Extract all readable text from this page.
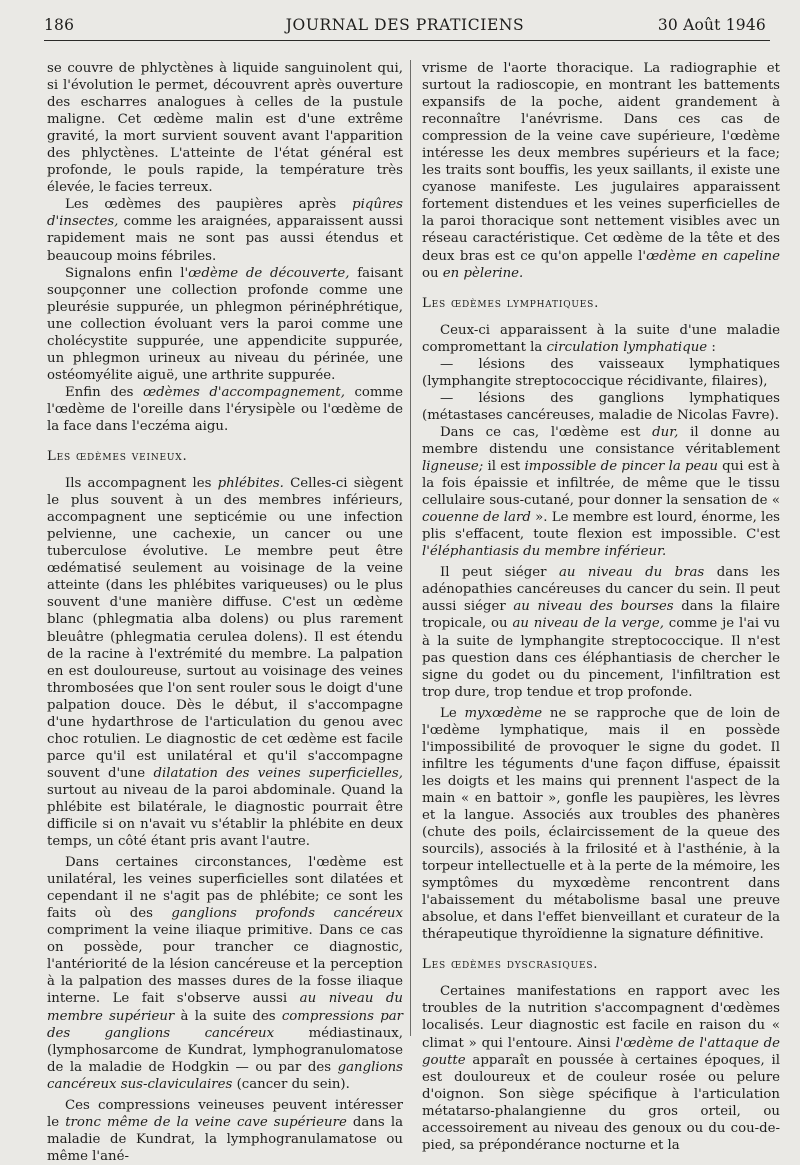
186	JOURNAL DES PRATICIENS	30 Août 1946

se couvre de phlyctènes à liquide sanguinolent qui, si l'évolution le permet, découvrent après ouverture des escharres analogues à celles de la pustule maligne. Cet œdème malin est d'une extrême gravité, la mort survient souvent avant l'apparition des phlyctènes. L'atteinte de l'état général est profonde, le pouls rapide, la température très élevée, le facies terreux.

Les œdèmes des paupières après piqûres d'insectes, comme les araignées, apparaissent aussi rapidement mais ne sont pas aussi étendus et beaucoup moins fébriles.

Signalons enfin l'œdème de découverte, faisant soupçonner une collection profonde comme une pleurésie suppurée, un phlegmon périnéphrétique, une collection évoluant vers la paroi comme une cholécystite suppurée, une appendicite suppurée, un phlegmon urineux au niveau du périnée, une ostéomyélite aiguë, une arthrite suppurée.

Enfin des œdèmes d'accompagnement, comme l'œdème de l'oreille dans l'érysipèle ou l'œdème de la face dans l'eczéma aigu.

Les œdèmes veineux.

Ils accompagnent les phlébites. Celles-ci siègent le plus souvent à un des membres inférieurs, accompagnent une septicémie ou une infection pelvienne, une cachexie, un cancer ou une tuberculose évolutive. Le membre peut être œdématisé seulement au voisinage de la veine atteinte (dans les phlébites variqueuses) ou le plus souvent d'une manière diffuse. C'est un œdème blanc (phlegmatia alba dolens) ou plus rarement bleuâtre (phlegmatia cerulea dolens). Il est étendu de la racine à l'extrémité du membre. La palpation en est douloureuse, surtout au voisinage des veines thrombosées que l'on sent rouler sous le doigt d'une palpation douce. Dès le début, il s'accompagne d'une hydarthrose de l'articulation du genou avec choc rotulien. Le diagnostic de cet œdème est facile parce qu'il est unilatéral et qu'il s'accompagne souvent d'une dilatation des veines superficielles, surtout au niveau de la paroi abdominale. Quand la phlébite est bilatérale, le diagnostic pourrait être difficile si on n'avait vu s'établir la phlébite en deux temps, un côté étant pris avant l'autre.

Dans certaines circonstances, l'œdème est unilatéral, les veines superficielles sont dilatées et cependant il ne s'agit pas de phlébite; ce sont les faits où des ganglions profonds cancéreux compriment la veine iliaque primitive. Dans ce cas on possède, pour trancher ce diagnostic, l'antériorité de la lésion cancéreuse et la perception à la palpation des masses dures de la fosse iliaque interne. Le fait s'observe aussi au niveau du membre supérieur à la suite des compressions par des ganglions cancéreux médiastinaux, (lymphosarcome de Kundrat, lymphogranulomatose de la maladie de Hodgkin — ou par des ganglions cancéreux sus-claviculaires (cancer du sein).

Ces compressions veineuses peuvent intéresser le tronc même de la veine cave supérieure dans la maladie de Kundrat, la lymphogranulamatose ou même l'ané-

vrisme de l'aorte thoracique. La radiographie et surtout la radioscopie, en montrant les battements expansifs de la poche, aident grandement à reconnaître l'anévrisme. Dans ces cas de compression de la veine cave supérieure, l'œdème intéresse les deux membres supérieurs et la face; les traits sont bouffis, les yeux saillants, il existe une cyanose manifeste. Les jugulaires apparaissent fortement distendues et les veines superficielles de la paroi thoracique sont nettement visibles avec un réseau caractéristique. Cet œdème de la tête et des deux bras est ce qu'on appelle l'œdème en capeline ou en pèlerine.

Les œdèmes lymphatiques.

Ceux-ci apparaissent à la suite d'une maladie compromettant la circulation lymphatique :

— lésions des vaisseaux lymphatiques (lymphangite streptococcique récidivante, filaires),

— lésions des ganglions lymphatiques (métastases cancéreuses, maladie de Nicolas Favre).

Dans ce cas, l'œdème est dur, il donne au membre distendu une consistance véritablement ligneuse; il est impossible de pincer la peau qui est à la fois épaissie et infiltrée, de même que le tissu cellulaire sous-cutané, pour donner la sensation de « couenne de lard ». Le membre est lourd, énorme, les plis s'effacent, toute flexion est impossible. C'est l'éléphantiasis du membre inférieur.

Il peut siéger au niveau du bras dans les adénopathies cancéreuses du cancer du sein. Il peut aussi siéger au niveau des bourses dans la filaire tropicale, ou au niveau de la verge, comme je l'ai vu à la suite de lymphangite streptococcique. Il n'est pas question dans ces éléphantiasis de chercher le signe du godet ou du pincement, l'infiltration est trop dure, trop tendue et trop profonde.

Le myxœdème ne se rapproche que de loin de l'œdème lymphatique, mais il en possède l'impossibilité de provoquer le signe du godet. Il infiltre les téguments d'une façon diffuse, épaissit les doigts et les mains qui prennent l'aspect de la main « en battoir », gonfle les paupières, les lèvres et la langue. Associés aux troubles des phanères (chute des poils, éclaircissement de la queue des sourcils), associés à la frilosité et à l'asthénie, à la torpeur intellectuelle et à la perte de la mémoire, les symptômes du myxœdème rencontrent dans l'abaissement du métabolisme basal une preuve absolue, et dans l'effet bienveillant et curateur de la thérapeutique thyroïdienne la signature définitive.

Les œdèmes dyscrasiques.

Certaines manifestations en rapport avec les troubles de la nutrition s'accompagnent d'œdèmes localisés. Leur diagnostic est facile en raison du « climat » qui l'entoure. Ainsi l'œdème de l'attaque de goutte apparaît en poussée à certaines époques, il est douloureux et de couleur rosée ou pelure d'oignon. Son siège spécifique à l'articulation métatarso-phalangienne du gros orteil, ou accessoirement au niveau des genoux ou du cou-de-pied, sa prépondérance nocturne et la
